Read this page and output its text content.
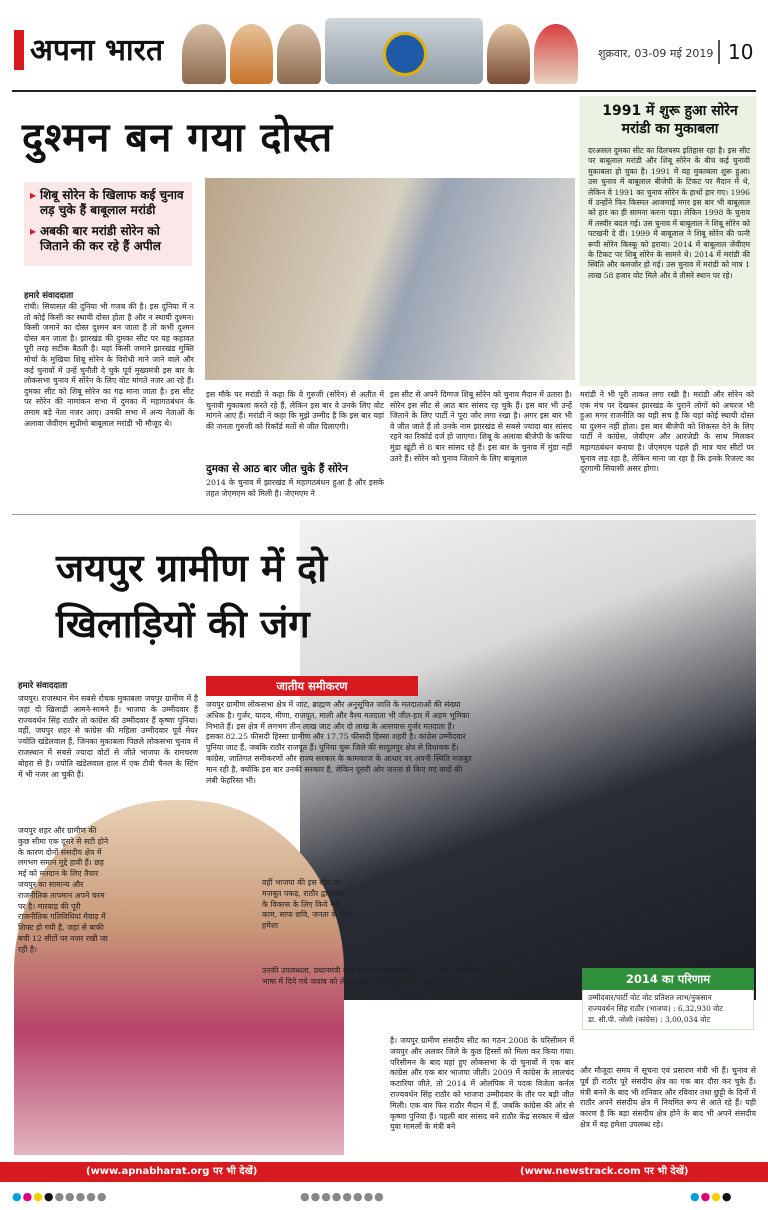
अपना भारत	शुक्रवार, 03-09 मई 2019 10
दुश्मन बन गया दोस्त
▸ शिबू सोरेन के खिलाफ कई चुनाव लड़ चुके हैं बाबूलाल मरांडी
▸ अबकी बार मरांडी सोरेन को जिताने की कर रहे हैं अपील
1991 में शुरू हुआ सोरेन मरांडी का मुकाबला
दरअसल दुमका सीट का दिलचस्प इतिहास रहा है। इस सीट पर बाबूलाल मरांडी और शिबू सोरेन के बीच कई चुनावी मुकाबला हो चुका है। 1991 में यह मुकाबला शुरू हुआ। उस चुनाव में बाबूलाल बीजेपी के टिकट पर मैदान में थे, लेकिन वे 1991 का चुनाव सोरेन के हाथों हार गए। 1996 में उन्होंने फिर किस्मत आजमाई मगर इस बार भी बाबूलाल को हार का ही सामना करना पड़ा। लेकिन 1998 के चुनाव में तस्वीर बदल गई। उस चुनाव में बाबूलाल ने शिबू सोरेन को पटखनी दे दी। 1999 में बाबूलाल ने शिबू सोरेन की पत्नी रूपी सोरेन किस्कू को हराया। 2014 में बाबूलाल जेवीएम के टिकट पर शिबू सोरेन के सामने थे। 2014 में मरांडी की स्थिति और कमजोर हो गई। उस चुनाव में मरांडी को मात्र 1 लाख 58 हजार वोट मिले और वे तीसरे स्थान पर रहे।
हमारे संवाददाता
रांची। सियासत की दुनिया भी गजब की है। इस दुनिया में न तो कोई किसी का स्थायी दोस्त होता है और न स्थायी दुश्मन। किसी जमाने का दोस्त दुश्मन बन जाता है तो कभी दुश्मन दोस्त बन जाता है। झारखंड की दुमका सीट पर यह कहावत पूरी तरह सटीक बैठती है। यहां किसी जमाने झारखंड मुक्ति मोर्चा के मुखिया शिबू सोरेन के विरोधी माने जाने वाले और कई चुनावों में उन्हें चुनौती दे चुके पूर्व मुख्यमंत्री इस बार के लोकसभा चुनाव में सोरेन के लिए वोट मांगते नजर आ रहे हैं। दुमका सीट को शिबू सोरेन का गढ़ माना जाता है। इस सीट पर सोरेन की नामांकन सभा में दुमका में महागठबंधन के तमाम बड़े नेता नजर आए। उनकी सभा में अन्य नेताओं के अलावा जेवीएम सुप्रीमो बाबूलाल मरांडी भी मौजूद थे।
इस मौके पर मरांडी ने कहा कि वे गुरुजी (सोरेन) से अतीत में चुनावी मुकाबला करते रहे हैं, लेकिन इस बार वे उनके लिए वोट मांगने आए हैं। मरांडी ने कहा कि मुझे उम्मीद है कि इस बार यहां की जनता गुरुजी को रिकॉर्ड मतों से जीत दिलाएगी।
दुमका से आठ बार जीत चुके हैं सोरेन
2014 के चुनाव में झारखंड में महागठबंधन हुआ है और इसके तहत जेएमएम को मिली है। जेएमएम ने
इस सीट से अपने दिग्गज शिबू सोरेन को चुनाव मैदान में उतारा है। सोरेन इस सीट से आठ बार सांसद रह चुके हैं। इस बार भी उन्हें जिताने के लिए पार्टी ने पूरा जोर लगा रखा है। अगर इस बार भी वे जीत जाते हैं तो उनके नाम झारखंड से सबसे ज्यादा बार सांसद रहने का रिकॉर्ड दर्ज हो जाएगा। शिबू के अलावा बीजेपी के करिया मुंडा खूंटी से 8 बार सांसद रहे हैं। इस बार के चुनाव में मुंडा नहीं उतरे हैं। सोरेन को चुनाव जिताने के लिए बाबूलाल
मरांडी ने भी पूरी ताकत लगा रखी है। मरांडी और सोरेन को एक मंच पर देखकर झारखंड के पुराने लोगों को अचरज भी हुआ मगर राजनीति का यही सच है कि यहां कोई स्थायी दोस्त या दुश्मन नहीं होता। इस बार बीजेपी को शिकस्त देने के लिए पार्टी ने कांग्रेस, जेवीएम और आरजेडी के साथ मिलकर महागठबंधन बनाया है। जेएमएम पहले ही मात्र चार सीटों पर चुनाव लड़ रहा है, लेकिन माना जा रहा है कि इनके रिजल्ट का दूरगामी सियासी असर होगा।
जयपुर ग्रामीण में दो
खिलाड़ियों की जंग
हमारे संवाददाता
जयपुर। राजस्थान मेन सबसे रोचक मुकाबला जयपुर ग्रामीण में है जहां दो खिलाड़ी आमने-सामने हैं। भाजपा के उम्मीदवार हैं राज्यवर्धन सिंह राठौर तो कांग्रेस की उम्मीदवार हैं कृष्णा पुनिया। वहीं, जयपुर शहर से कांग्रेस की महिला उम्मीदवार पूर्व मेयर ज्योति खंडेलवाल हैं, जिनका मुकाबला पिछले लोकसभा चुनाव में राजस्थान में सबसे ज्यादा वोटों से जीते भाजपा के रामचरण बोहरा से है। ज्योति खंडेलवाल हाल में एक टीवी चैनल के स्टिंग में भी नजर आ चुकी हैं।
जयपुर शहर और ग्रामीण की कुछ सीमा एक दूसरे से सटी होने के कारण दोनों संसदीय क्षेत्र में लगभग समान मुद्दे हावी हैं। छह मई को मतदान के लिए तैयार जयपुर का सामान्य और राजनीतिक तापमान अपने चरम पर है। मारवाड़ की पूरी राजनीतिक गतिविधियां मेवाड़ में शिफ्ट हो गयी है, जहां से बाकी बची 12 सीटों पर नजर रखी जा रही है।
जातीय समीकरण
जयपुर ग्रामीण लोकसभा क्षेत्र में जाट, ब्राह्मण और अनुसूचित जाति के मतदाताओं की संख्या अधिक है। गुर्जर, यादव, मीणा, राजपूत, माली और वैश्य मतदाता भी जीत-हार में अहम भूमिका निभाते हैं। इस क्षेत्र में लगभग तीन लाख जाट और दो लाख के आसपास गुर्जर मतदाता हैं। इसका 82.25 फीसदी हिस्सा ग्रामीण और 17.75 फीसदी हिस्सा शहरी है। कांग्रेस उम्मीदवार पुनिया जाट हैं, जबकि राठौर राजपूत हैं। पुनिया चुरू जिले की सादुलपुर क्षेत्र से विधायक हैं। कांग्रेस, जातिगत समीकरणों और राज्य सरकार के कामकाज के आधार पर अपनी स्थिति मजबूत मान रही है, क्योंकि इस बार उनकी सरकार है, लेकिन दूसरी ओर जनता से किए गए वादों की लंबी फेहरिस्त भी।
वहीं भाजपा की इस सीट पर मजबूत पकड़, राठौर द्वारा क्षेत्र के विकास के लिए किये गये काम, साफ छवि, जनता के लिए हमेशा
उनकी उपलब्धता, प्रधानमंत्री नरेंद्र मोदी का नेतृत्व और पाकिस्तान को सर्जिकल स्ट्राइक कर उसी की भाषा में दिये गये जवाब को लेकर अपनी जीत सुनिश्चित मानती है।	2014 का परिणाम
उम्मीदवार/पार्टी वोट वोट प्रतिशत लाभ/नुकसान
राज्यवर्धन सिंह राठौर (भाजपा) : 6,32,930 वोट
डा. सी.पी. जोशी (कांग्रेस) : 3,00,034 वोट
है। जयपुर ग्रामीण संसदीय सीट का गठन 2008 के परिसीमन में जयपुर और अलवर जिले के कुछ हिस्सों को मिला कर किया गया। परिसीमन के बाद यहां हुए लोकसभा के दो चुनावों में एक बार कांग्रेस और एक बार भाजपा जीती। 2009 में कांग्रेस के लालचंद कटारिया जीते, तो 2014 में ओलंपिक में पदक विजेता कर्नल राज्यवर्धन सिंह राठौर को भाजपा उम्मीदवार के तौर पर बड़ी जीत मिली। एक बार फिर राठौर मैदान में हैं, जबकि कांग्रेस की ओर से कृष्णा पुनिया हैं। पहली बार सांसद बने राठौर केंद्र सरकार में खेल युवा मामलों के मंत्री बने
और मौजूदा समय में सूचना एवं प्रसारण मंत्री भी हैं। चुनाव से पूर्व ही राठौर पूरे संसदीय क्षेत्र का एक बार दौरा कर चुके हैं। मंत्री बनने के बाद भी शनिवार और रविवार तथा छुट्टी के दिनों में राठौर अपने संसदीय क्षेत्र में नियमित रूप से आते रहे हैं। यही कारण है कि बड़ा संसदीय क्षेत्र होने के बाद भी अपने संसदीय क्षेत्र में वह हमेशा उपलब्ध रहे।
(www.apnabharat.org पर भी देखें)	(www.newstrack.com पर भी देखें)
●●●●●●●●●	●●●●●●●●	●●●●
